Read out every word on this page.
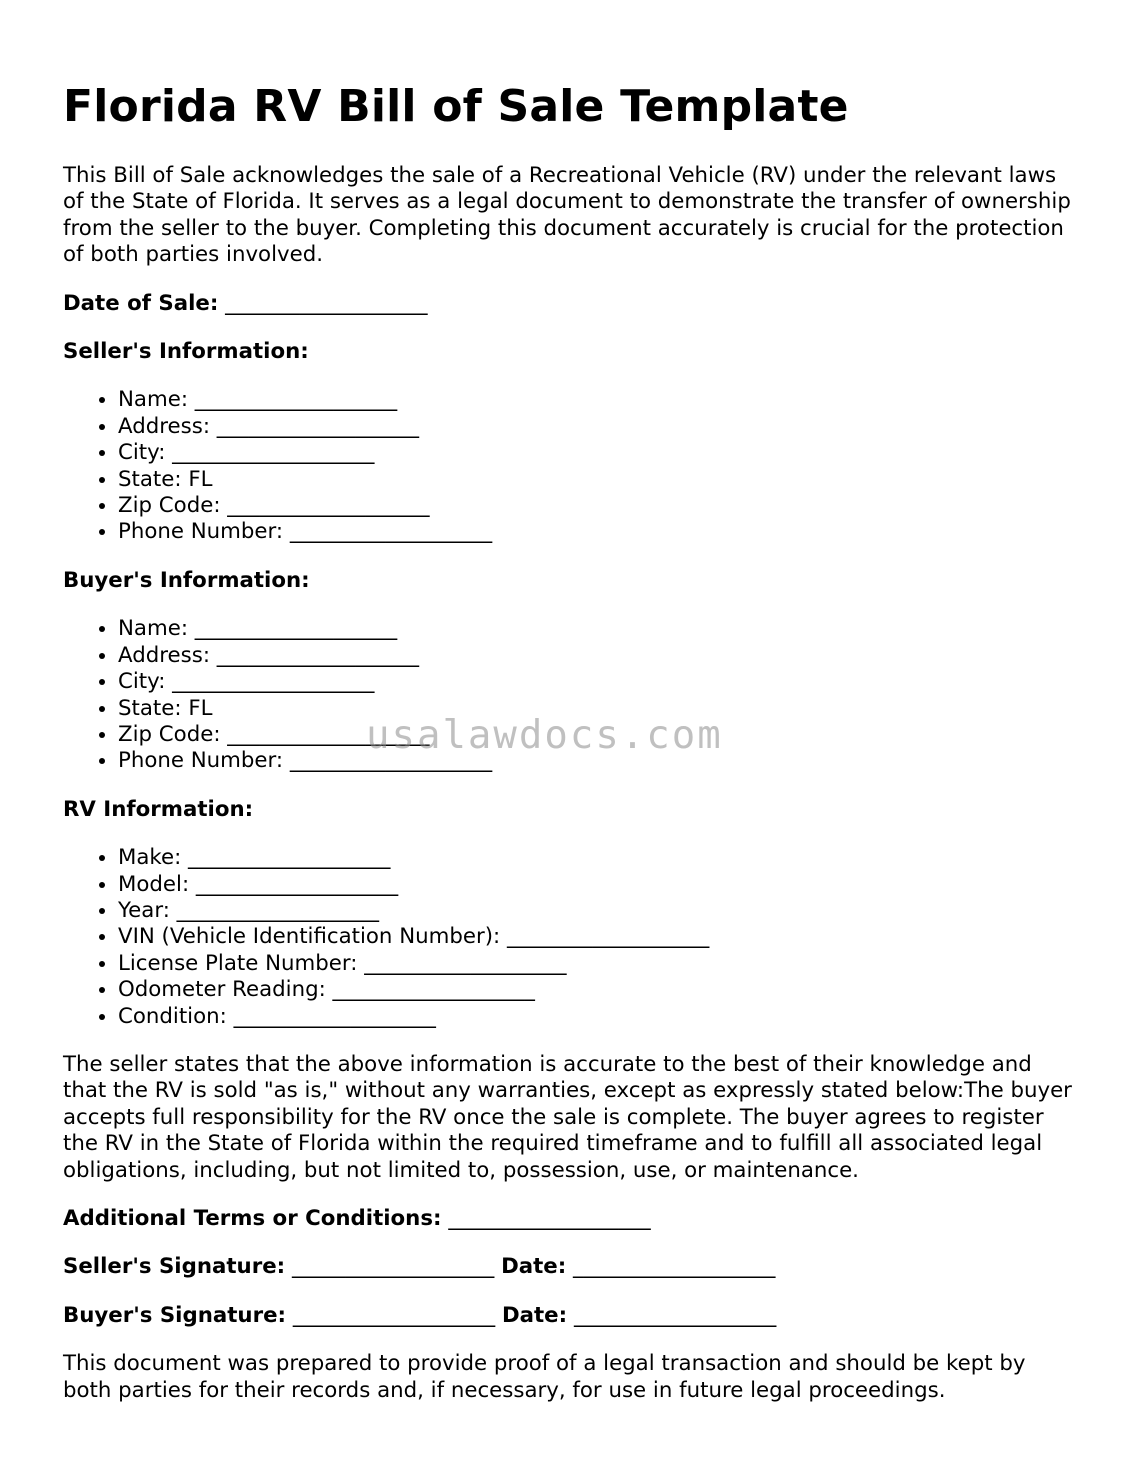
Florida RV Bill of Sale Template

This Bill of Sale acknowledges the sale of a Recreational Vehicle (RV) under the relevant laws of the State of Florida. It serves as a legal document to demonstrate the transfer of ownership from the seller to the buyer. Completing this document accurately is crucial for the protection of both parties involved.

Date of Sale: ___________________
Seller's Information:
• Name: ___________________
• Address: ___________________
• City: ___________________
• State: FL
• Zip Code: ___________________
• Phone Number: ___________________
Buyer's Information:
• Name: ___________________
• Address: ___________________
• City: ___________________
• State: FL
• Zip Code: ___________________
• Phone Number: ___________________
RV Information:
• Make: ___________________
• Model: ___________________
• Year: ___________________
• VIN (Vehicle Identification Number): ___________________
• License Plate Number: ___________________
• Odometer Reading: ___________________
• Condition: ___________________

The seller states that the above information is accurate to the best of their knowledge and that the RV is sold "as is," without any warranties, except as expressly stated below:The buyer accepts full responsibility for the RV once the sale is complete. The buyer agrees to register the RV in the State of Florida within the required timeframe and to fulfill all associated legal obligations, including, but not limited to, possession, use, or maintenance.

Additional Terms or Conditions: ___________________
Seller's Signature: ___________________ Date: ___________________
Buyer's Signature: ___________________ Date: ___________________

This document was prepared to provide proof of a legal transaction and should be kept by both parties for their records and, if necessary, for use in future legal proceedings.

usalawdocs.com
